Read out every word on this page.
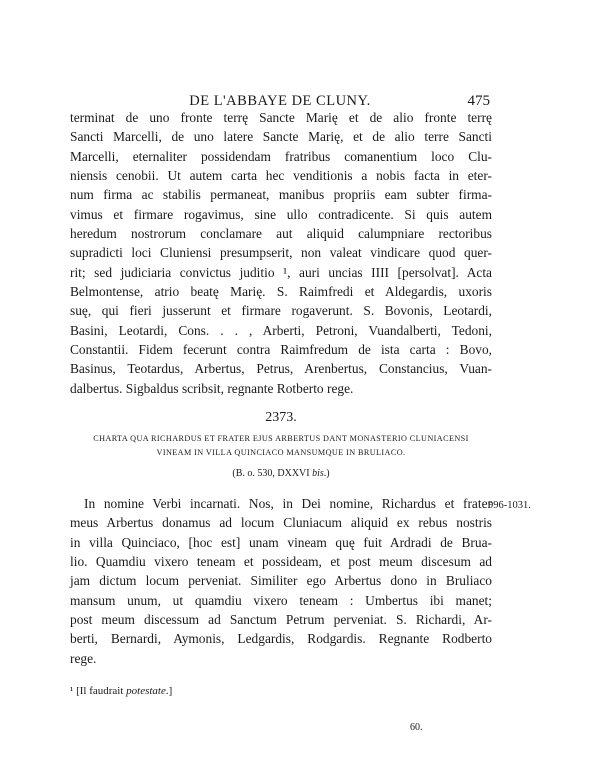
DE L'ABBAYE DE CLUNY.	475
terminat de uno fronte terrę Sancte Marię et de alio fronte terrę
Sancti Marcelli, de uno latere Sancte Marię, et de alio terre Sancti
Marcelli, eternaliter possidendam fratribus comanentium loco Clu-
niensis cenobii. Ut autem carta hec venditionis a nobis facta in eter-
num firma ac stabilis permaneat, manibus propriis eam subter firma-
vimus et firmare rogavimus, sine ullo contradicente. Si quis autem
heredum nostrorum conclamare aut aliquid calumpniare rectoribus
supradicti loci Cluniensi presumpserit, non valeat vindicare quod quer-
rit; sed judiciaria convictus juditio ¹, auri uncias IIII [persolvat]. Acta
Belmontense, atrio beatę Marię. S. Raimfredi et Aldegardis, uxoris
suę, qui fieri jusserunt et firmare rogaverunt. S. Bovonis, Leotardi,
Basini, Leotardi, Cons. . . , Arberti, Petroni, Vuandalberti, Tedoni,
Constantii. Fidem fecerunt contra Raimfredum de ista carta : Bovo,
Basinus, Teotardus, Arbertus, Petrus, Arenbertus, Constancius, Vuan-
dalbertus. Sigbaldus scribsit, regnante Rotberto rege.
2373.
CHARTA QUA RICHARDUS ET FRATER EJUS ARBERTUS DANT MONASTERIO CLUNIACENSI
VINEAM IN VILLA QUINCIACO MANSUMQUE IN BRULIACO.
(B. o. 530, DXXVI bis.)
996-1031.
In nomine Verbi incarnati. Nos, in Dei nomine, Richardus et frater
meus Arbertus donamus ad locum Cluniacum aliquid ex rebus nostris
in villa Quinciaco, [hoc est] unam vineam quę fuit Ardradi de Brua-
lio. Quamdiu vixero teneam et possideam, et post meum discesum ad
jam dictum locum perveniat. Similiter ego Arbertus dono in Bruliaco
mansum unum, ut quamdiu vixero teneam : Umbertus ibi manet;
post meum discessum ad Sanctum Petrum perveniat. S. Richardi, Ar-
berti, Bernardi, Aymonis, Ledgardis, Rodgardis. Regnante Rodberto
rege.
¹ [Il faudrait potestate.]
60.
